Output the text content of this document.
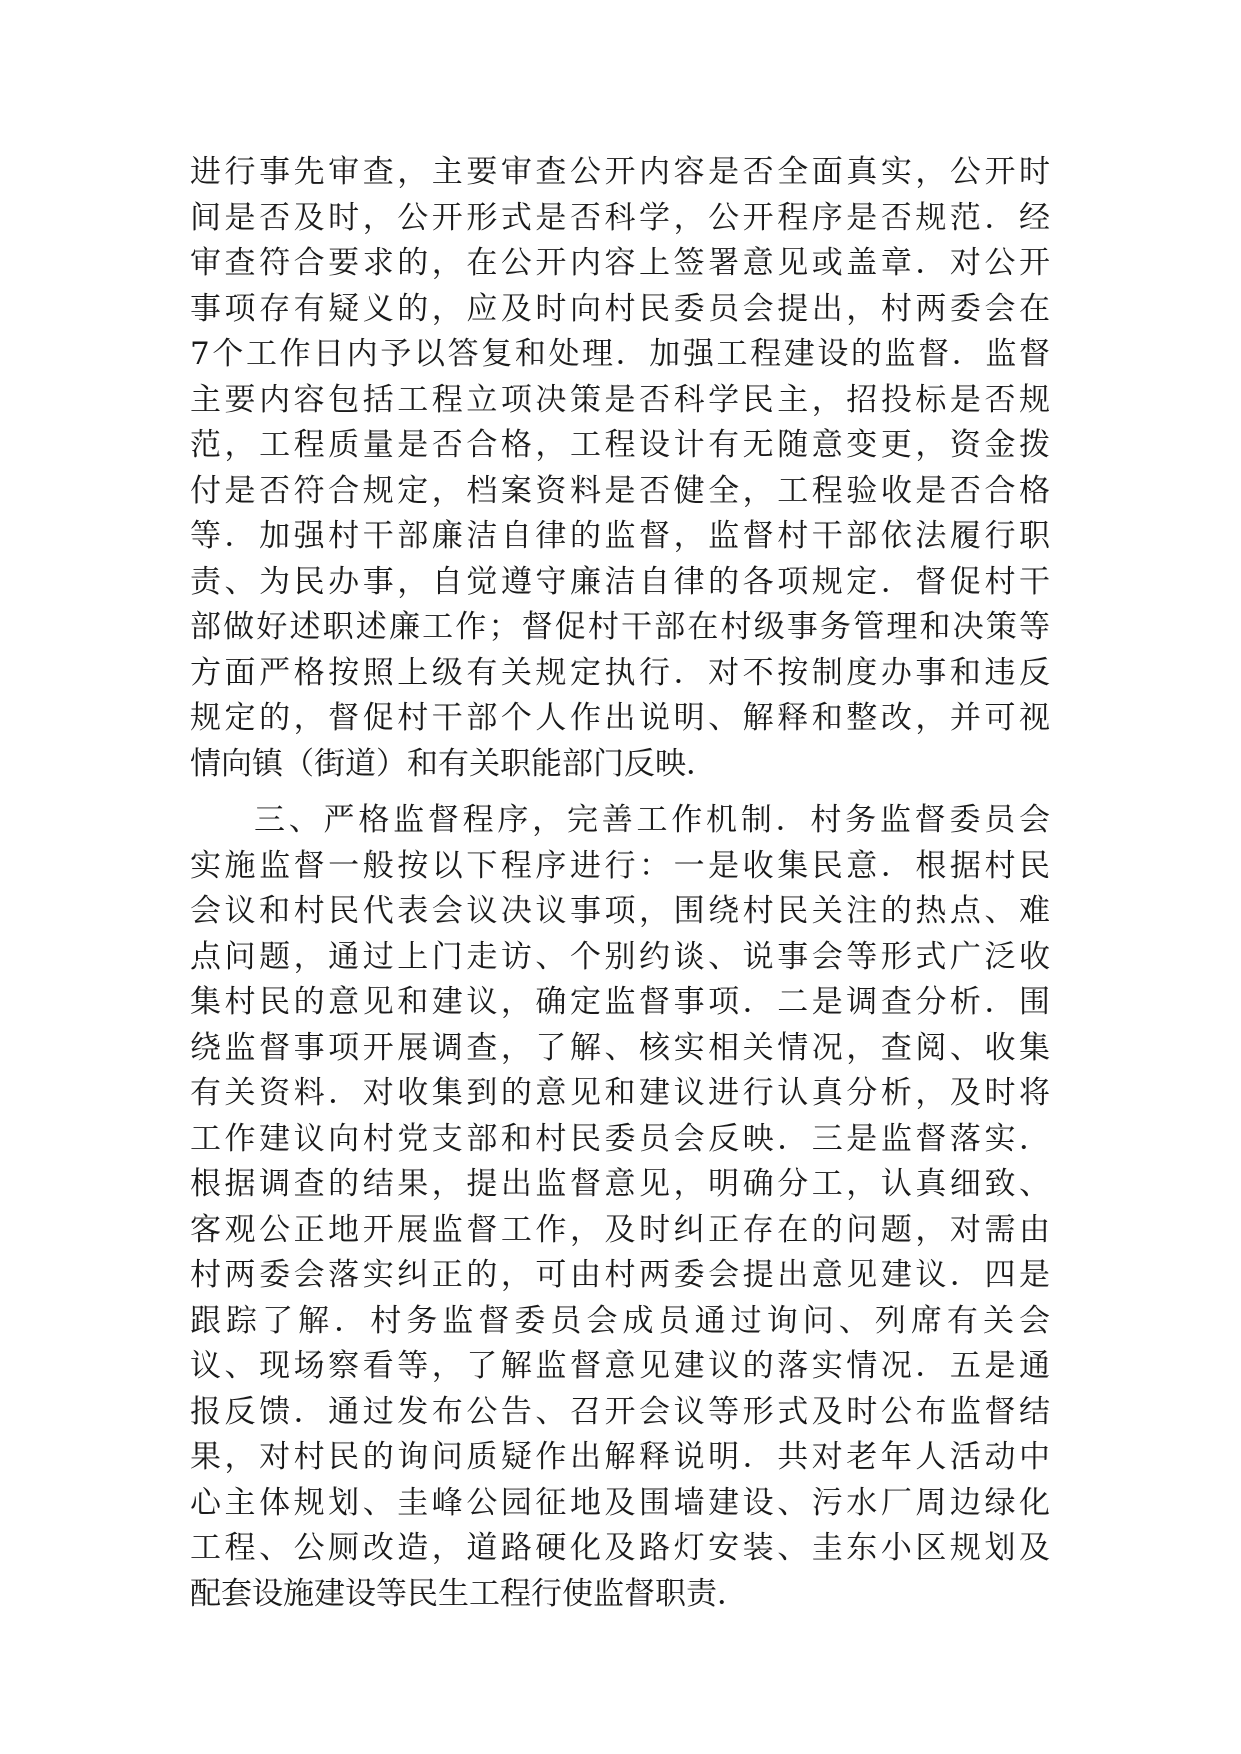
进行事先审查，主要审查公开内容是否全面真实，公开时
间是否及时，公开形式是否科学，公开程序是否规范．经
审查符合要求的，在公开内容上签署意见或盖章．对公开
事项存有疑义的，应及时向村民委员会提出，村两委会在
7个工作日内予以答复和处理．加强工程建设的监督．监督
主要内容包括工程立项决策是否科学民主，招投标是否规
范，工程质量是否合格，工程设计有无随意变更，资金拨
付是否符合规定，档案资料是否健全，工程验收是否合格
等．加强村干部廉洁自律的监督，监督村干部依法履行职
责、为民办事，自觉遵守廉洁自律的各项规定．督促村干
部做好述职述廉工作；督促村干部在村级事务管理和决策等
方面严格按照上级有关规定执行．对不按制度办事和违反
规定的，督促村干部个人作出说明、解释和整改，并可视
情向镇（街道）和有关职能部门反映．
三、严格监督程序，完善工作机制．村务监督委员会
实施监督一般按以下程序进行：一是收集民意．根据村民
会议和村民代表会议决议事项，围绕村民关注的热点、难
点问题，通过上门走访、个别约谈、说事会等形式广泛收
集村民的意见和建议，确定监督事项．二是调查分析．围
绕监督事项开展调查，了解、核实相关情况，查阅、收集
有关资料．对收集到的意见和建议进行认真分析，及时将
工作建议向村党支部和村民委员会反映．三是监督落实．
根据调查的结果，提出监督意见，明确分工，认真细致、
客观公正地开展监督工作，及时纠正存在的问题，对需由
村两委会落实纠正的，可由村两委会提出意见建议．四是
跟踪了解．村务监督委员会成员通过询问、列席有关会
议、现场察看等，了解监督意见建议的落实情况．五是通
报反馈．通过发布公告、召开会议等形式及时公布监督结
果，对村民的询问质疑作出解释说明．共对老年人活动中
心主体规划、圭峰公园征地及围墙建设、污水厂周边绿化
工程、公厕改造，道路硬化及路灯安装、圭东小区规划及
配套设施建设等民生工程行使监督职责．
